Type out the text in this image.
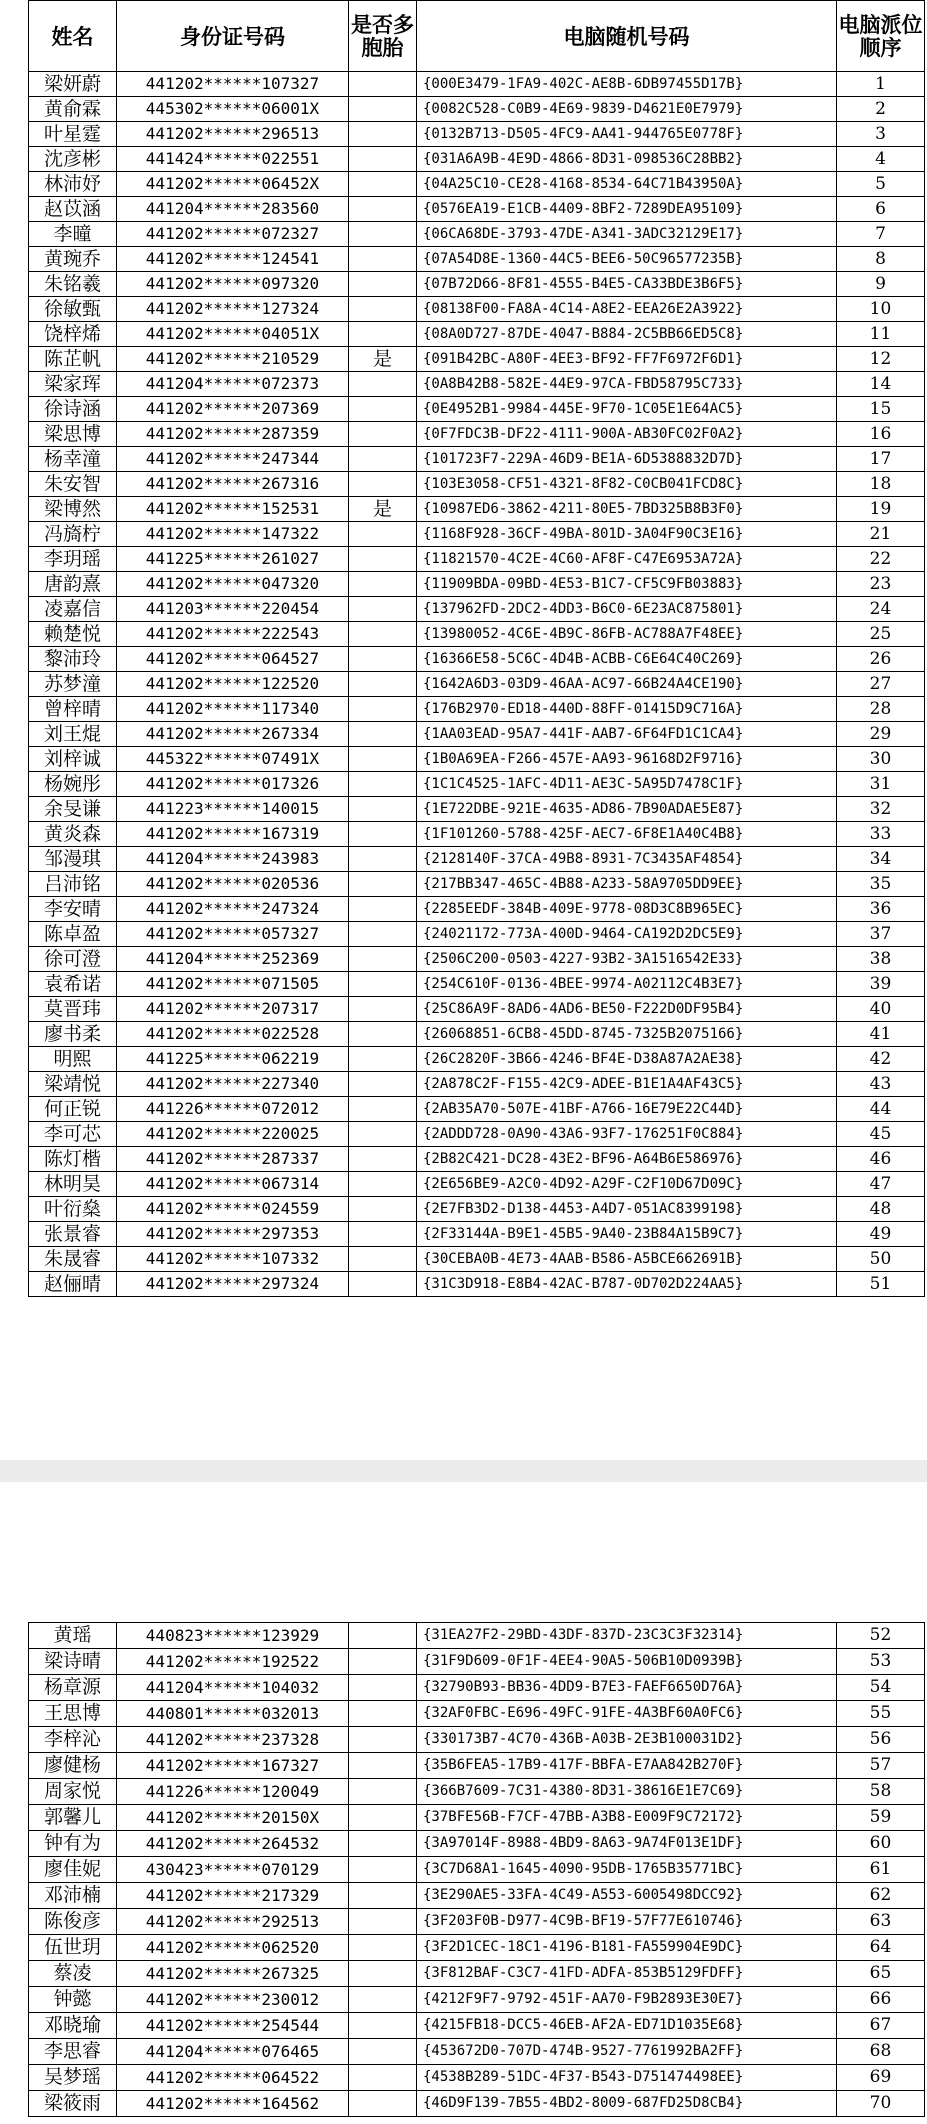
姓名	身份证号码	是否多胞胎	电脑随机号码	电脑派位顺序
梁妍蔚	441202******107327		{000E3479-1FA9-402C-AE8B-6DB97455D17B}	1
黄俞霖	445302******06001X		{0082C528-C0B9-4E69-9839-D4621E0E7979}	2
叶星霆	441202******296513		{0132B713-D505-4FC9-AA41-944765E0778F}	3
沈彦彬	441424******022551		{031A6A9B-4E9D-4866-8D31-098536C28BB2}	4
林沛妤	441202******06452X		{04A25C10-CE28-4168-8534-64C71B43950A}	5
赵苡涵	441204******283560		{0576EA19-E1CB-4409-8BF2-7289DEA95109}	6
李曈	441202******072327		{06CA68DE-3793-47DE-A341-3ADC32129E17}	7
黄琬乔	441202******124541		{07A54D8E-1360-44C5-BEE6-50C96577235B}	8
朱铭羲	441202******097320		{07B72D66-8F81-4555-B4E5-CA33BDE3B6F5}	9
徐敏甄	441202******127324		{08138F00-FA8A-4C14-A8E2-EEA26E2A3922}	10
饶梓烯	441202******04051X		{08A0D727-87DE-4047-B884-2C5BB66ED5C8}	11
陈芷帆	441202******210529	是	{091B42BC-A80F-4EE3-BF92-FF7F6972F6D1}	12
梁家珲	441204******072373		{0A8B42B8-582E-44E9-97CA-FBD58795C733}	14
徐诗涵	441202******207369		{0E4952B1-9984-445E-9F70-1C05E1E64AC5}	15
梁思博	441202******287359		{0F7FDC3B-DF22-4111-900A-AB30FC02F0A2}	16
杨幸潼	441202******247344		{101723F7-229A-46D9-BE1A-6D5388832D7D}	17
朱安智	441202******267316		{103E3058-CF51-4321-8F82-C0CB041FCD8C}	18
梁博然	441202******152531	是	{10987ED6-3862-4211-80E5-7BD325B8B3F0}	19
冯旖柠	441202******147322		{1168F928-36CF-49BA-801D-3A04F90C3E16}	21
李玥瑶	441225******261027		{11821570-4C2E-4C60-AF8F-C47E6953A72A}	22
唐韵熹	441202******047320		{11909BDA-09BD-4E53-B1C7-CF5C9FB03883}	23
凌嘉信	441203******220454		{137962FD-2DC2-4DD3-B6C0-6E23AC875801}	24
赖楚悦	441202******222543		{13980052-4C6E-4B9C-86FB-AC788A7F48EE}	25
黎沛玲	441202******064527		{16366E58-5C6C-4D4B-ACBB-C6E64C40C269}	26
苏梦潼	441202******122520		{1642A6D3-03D9-46AA-AC97-66B24A4CE190}	27
曾梓晴	441202******117340		{176B2970-ED18-440D-88FF-01415D9C716A}	28
刘王焜	441202******267334		{1AA03EAD-95A7-441F-AAB7-6F64FD1C1CA4}	29
刘梓诚	445322******07491X		{1B0A69EA-F266-457E-AA93-96168D2F9716}	30
杨婉彤	441202******017326		{1C1C4525-1AFC-4D11-AE3C-5A95D7478C1F}	31
余旻谦	441223******140015		{1E722DBE-921E-4635-AD86-7B90ADAE5E87}	32
黄炎森	441202******167319		{1F101260-5788-425F-AEC7-6F8E1A40C4B8}	33
邹漫琪	441204******243983		{2128140F-37CA-49B8-8931-7C3435AF4854}	34
吕沛铭	441202******020536		{217BB347-465C-4B88-A233-58A9705DD9EE}	35
李安晴	441202******247324		{2285EEDF-384B-409E-9778-08D3C8B965EC}	36
陈卓盈	441202******057327		{24021172-773A-400D-9464-CA192D2DC5E9}	37
徐可澄	441204******252369		{2506C200-0503-4227-93B2-3A1516542E33}	38
袁希诺	441202******071505		{254C610F-0136-4BEE-9974-A02112C4B3E7}	39
莫晋玮	441202******207317		{25C86A9F-8AD6-4AD6-BE50-F222D0DF95B4}	40
廖书柔	441202******022528		{26068851-6CB8-45DD-8745-7325B2075166}	41
明熙	441225******062219		{26C2820F-3B66-4246-BF4E-D38A87A2AE38}	42
梁靖悦	441202******227340		{2A878C2F-F155-42C9-ADEE-B1E1A4AF43C5}	43
何正锐	441226******072012		{2AB35A70-507E-41BF-A766-16E79E22C44D}	44
李可芯	441202******220025		{2ADDD728-0A90-43A6-93F7-176251F0C884}	45
陈灯楷	441202******287337		{2B82C421-DC28-43E2-BF96-A64B6E586976}	46
林明昊	441202******067314		{2E656BE9-A2C0-4D92-A29F-C2F10D67D09C}	47
叶衍燊	441202******024559		{2E7FB3D2-D138-4453-A4D7-051AC8399198}	48
张景睿	441202******297353		{2F33144A-B9E1-45B5-9A40-23B84A15B9C7}	49
朱晟睿	441202******107332		{30CEBA0B-4E73-4AAB-B586-A5BCE662691B}	50
赵俪晴	441202******297324		{31C3D918-E8B4-42AC-B787-0D702D224AA5}	51
黄瑶	440823******123929		{31EA27F2-29BD-43DF-837D-23C3C3F32314}	52
梁诗晴	441202******192522		{31F9D609-0F1F-4EE4-90A5-506B10D0939B}	53
杨章源	441204******104032		{32790B93-BB36-4DD9-B7E3-FAEF6650D76A}	54
王思博	440801******032013		{32AF0FBC-E696-49FC-91FE-4A3BF60A0FC6}	55
李梓沁	441202******237328		{330173B7-4C70-436B-A03B-2E3B100031D2}	56
廖健杨	441202******167327		{35B6FEA5-17B9-417F-BBFA-E7AA842B270F}	57
周家悦	441226******120049		{366B7609-7C31-4380-8D31-38616E1E7C69}	58
郭馨儿	441202******20150X		{37BFE56B-F7CF-47BB-A3B8-E009F9C72172}	59
钟有为	441202******264532		{3A97014F-8988-4BD9-8A63-9A74F013E1DF}	60
廖佳妮	430423******070129		{3C7D68A1-1645-4090-95DB-1765B35771BC}	61
邓沛楠	441202******217329		{3E290AE5-33FA-4C49-A553-6005498DCC92}	62
陈俊彦	441202******292513		{3F203F0B-D977-4C9B-BF19-57F77E610746}	63
伍世玥	441202******062520		{3F2D1CEC-18C1-4196-B181-FA559904E9DC}	64
蔡凌	441202******267325		{3F812BAF-C3C7-41FD-ADFA-853B5129FDFF}	65
钟懿	441202******230012		{4212F9F7-9792-451F-AA70-F9B2893E30E7}	66
邓晓瑜	441202******254544		{4215FB18-DCC5-46EB-AF2A-ED71D1035E68}	67
李思睿	441204******076465		{453672D0-707D-474B-9527-7761992BA2FF}	68
吴梦瑶	441202******064522		{4538B289-51DC-4F37-B543-D751474498EE}	69
梁筱雨	441202******164562		{46D9F139-7B55-4BD2-8009-687FD25D8CB4}	70
